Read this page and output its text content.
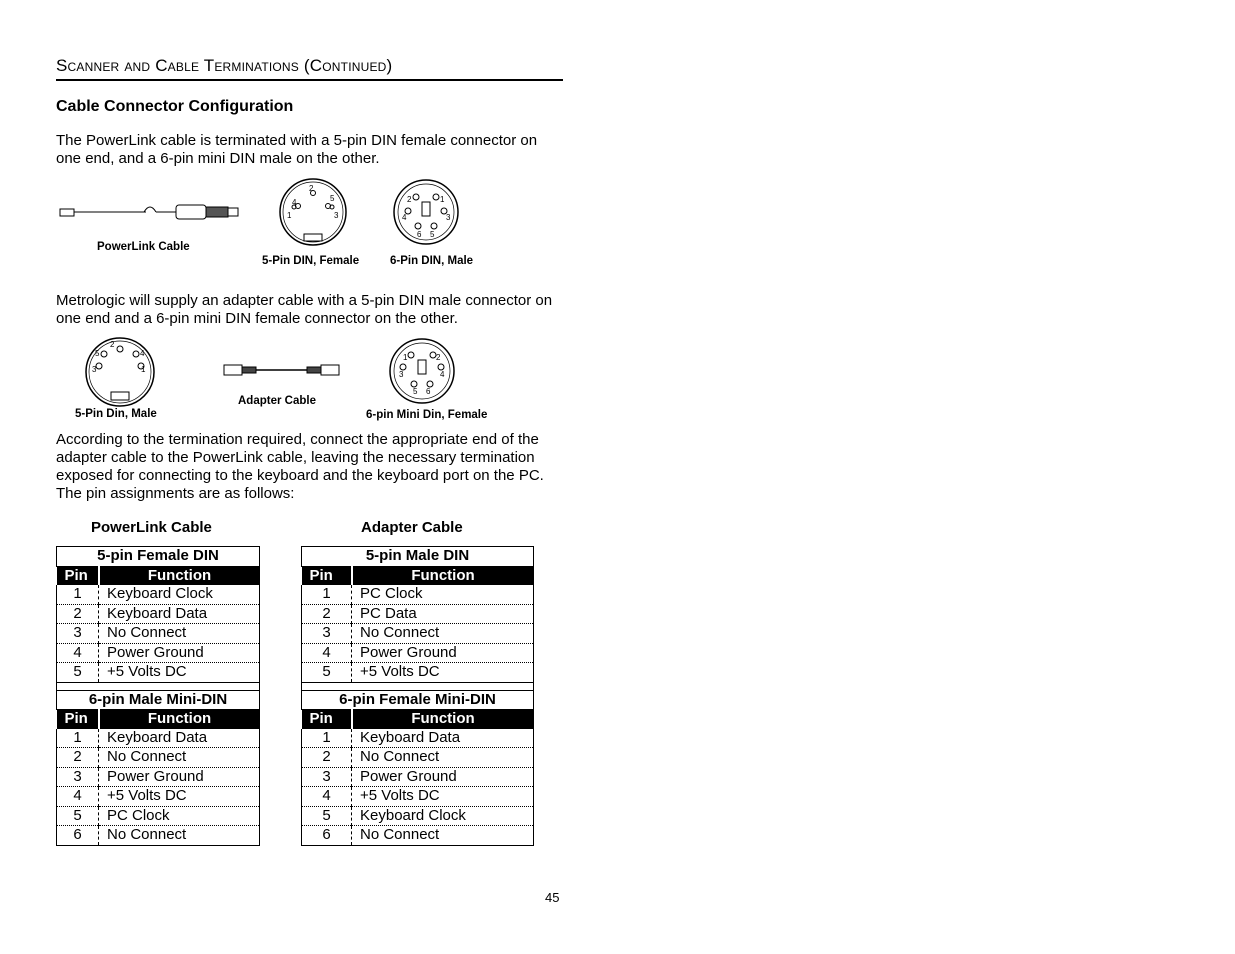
Scanner and Cable Terminations (Continued)
Cable Connector Configuration
The PowerLink cable is terminated with a 5-pin DIN female connector on one end, and a 6-pin mini DIN male on the other.
PowerLink Cable
4
2
5
1	3
5-Pin DIN, Female
2	1
4	3
6 5
6-Pin DIN, Male
Metrologic will supply an adapter cable with a 5-pin DIN male connector on one end and a 6-pin mini DIN female connector on the other.
2
5	4
3	1
5-Pin Din, Male
Adapter Cable
1	2
3	4
5 6
6-pin Mini Din, Female
According to the termination required, connect the appropriate end of the adapter cable to the PowerLink cable, leaving the necessary termination exposed for connecting to the keyboard and the keyboard port on the PC. The pin assignments are as follows:
PowerLink Cable	Adapter Cable
5-pin Female DIN	
Pin	Function
1	Keyboard Clock
2	Keyboard Data
3	No Connect
4	Power Ground
5	+5 Volts DC

6-pin Male Mini-DIN	
Pin	Function
1	Keyboard Data
2	No Connect
3	Power Ground
4	+5 Volts DC
5	PC Clock
6	No Connect
5-pin Male DIN	
Pin	Function
1	PC Clock
2	PC Data
3	No Connect
4	Power Ground
5	+5 Volts DC

6-pin Female Mini-DIN	
Pin	Function
1	Keyboard Data
2	No Connect
3	Power Ground
4	+5 Volts DC
5	Keyboard Clock
6	No Connect
45
